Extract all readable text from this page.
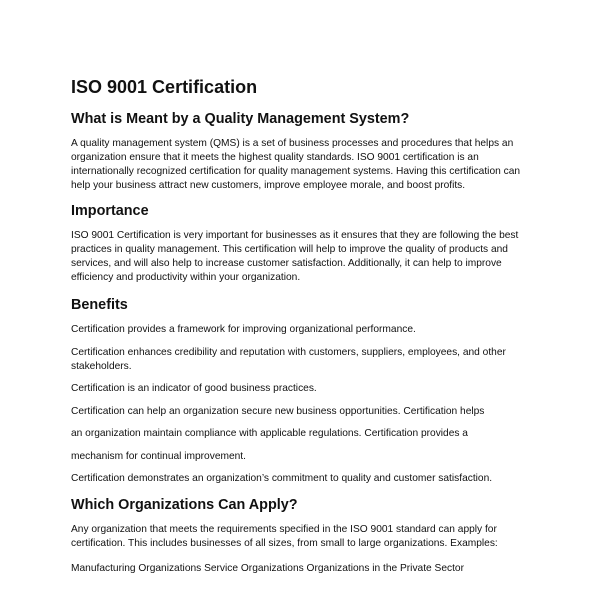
ISO 9001 Certification
What is Meant by a Quality Management System?

A quality management system (QMS) is a set of business processes and procedures that helps an organization ensure that it meets the highest quality standards. ISO 9001 certification is an internationally recognized certification for quality management systems. Having this certification can help your business attract new customers, improve employee morale, and boost profits.

Importance

ISO 9001 Certification is very important for businesses as it ensures that they are following the best practices in quality management. This certification will help to improve the quality of products and services, and will also help to increase customer satisfaction. Additionally, it can help to improve efficiency and productivity within your organization.

Benefits

Certification provides a framework for improving organizational performance.

Certification enhances credibility and reputation with customers, suppliers, employees, and other stakeholders.

Certification is an indicator of good business practices.

Certification can help an organization secure new business opportunities. Certification helps

an organization maintain compliance with applicable regulations. Certification provides a

mechanism for continual improvement.

Certification demonstrates an organization’s commitment to quality and customer satisfaction.

Which Organizations Can Apply?

Any organization that meets the requirements specified in the ISO 9001 standard can apply for certification. This includes businesses of all sizes, from small to large organizations. Examples:

Manufacturing Organizations Service Organizations Organizations in the Private Sector
